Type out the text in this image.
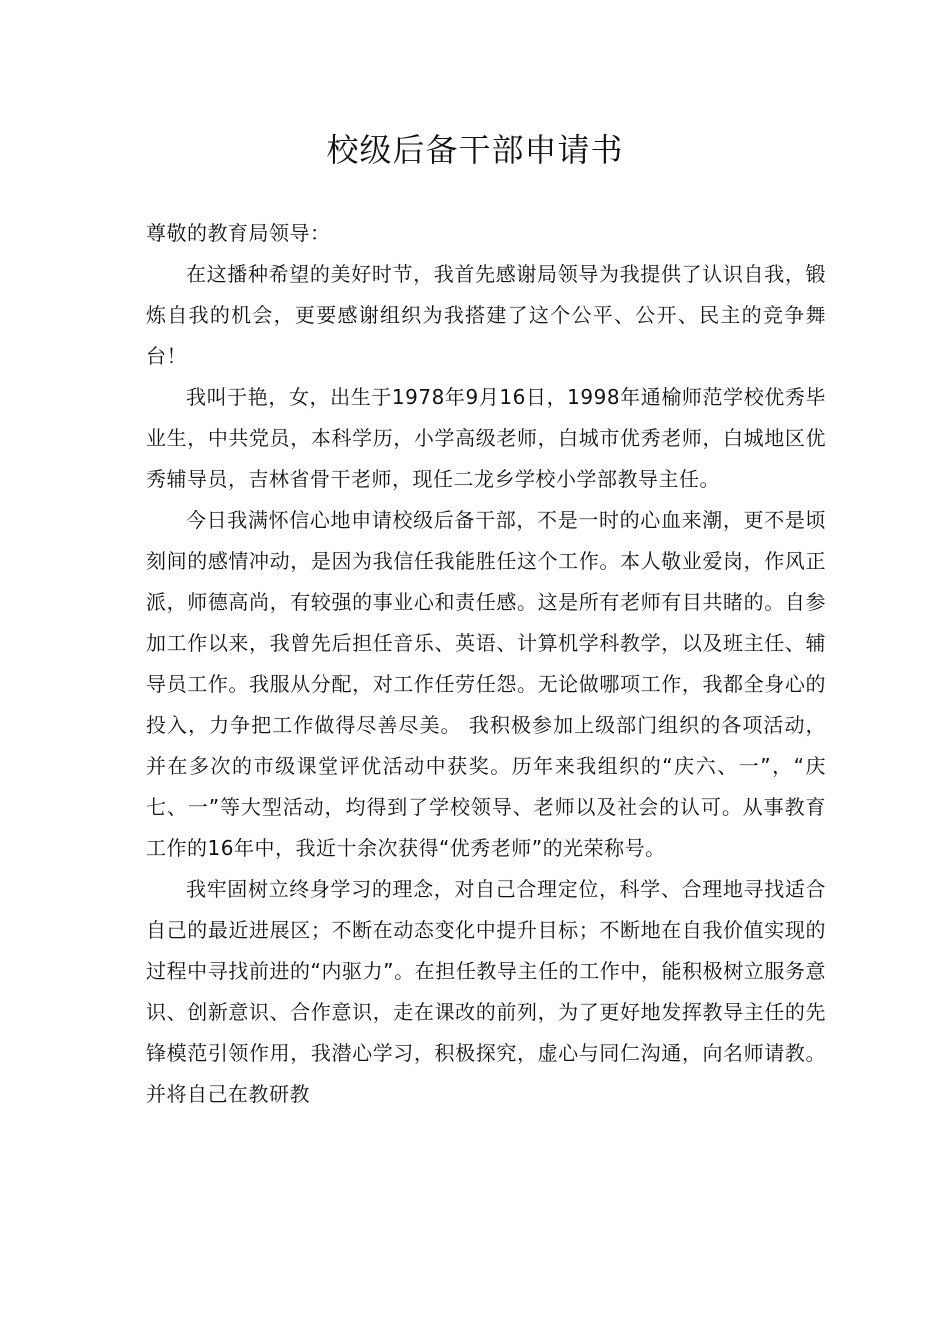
校级后备干部申请书

尊敬的教育局领导：

在这播种希望的美好时节，我首先感谢局领导为我提供了认识自我，锻炼自我的机会，更要感谢组织为我搭建了这个公平、公开、民主的竞争舞台！

我叫于艳，女，出生于1978年9月16日，1998年通榆师范学校优秀毕业生，中共党员，本科学历，小学高级老师，白城市优秀老师，白城地区优秀辅导员，吉林省骨干老师，现任二龙乡学校小学部教导主任。

今日我满怀信心地申请校级后备干部，不是一时的心血来潮，更不是顷刻间的感情冲动，是因为我信任我能胜任这个工作。本人敬业爱岗，作风正派，师德高尚，有较强的事业心和责任感。这是所有老师有目共睹的。自参加工作以来，我曾先后担任音乐、英语、计算机学科教学，以及班主任、辅导员工作。我服从分配，对工作任劳任怨。无论做哪项工作，我都全身心的投入，力争把工作做得尽善尽美。 我积极参加上级部门组织的各项活动，并在多次的市级课堂评优活动中获奖。历年来我组织的“庆六、一”，“庆七、一”等大型活动，均得到了学校领导、老师以及社会的认可。从事教育工作的16年中，我近十余次获得“优秀老师”的光荣称号。

我牢固树立终身学习的理念，对自己合理定位，科学、合理地寻找适合自己的最近进展区；不断在动态变化中提升目标；不断地在自我价值实现的过程中寻找前进的“内驱力”。在担任教导主任的工作中，能积极树立服务意识、创新意识、合作意识，走在课改的前列，为了更好地发挥教导主任的先锋模范引领作用，我潜心学习，积极探究，虚心与同仁沟通，向名师请教。并将自己在教研教
